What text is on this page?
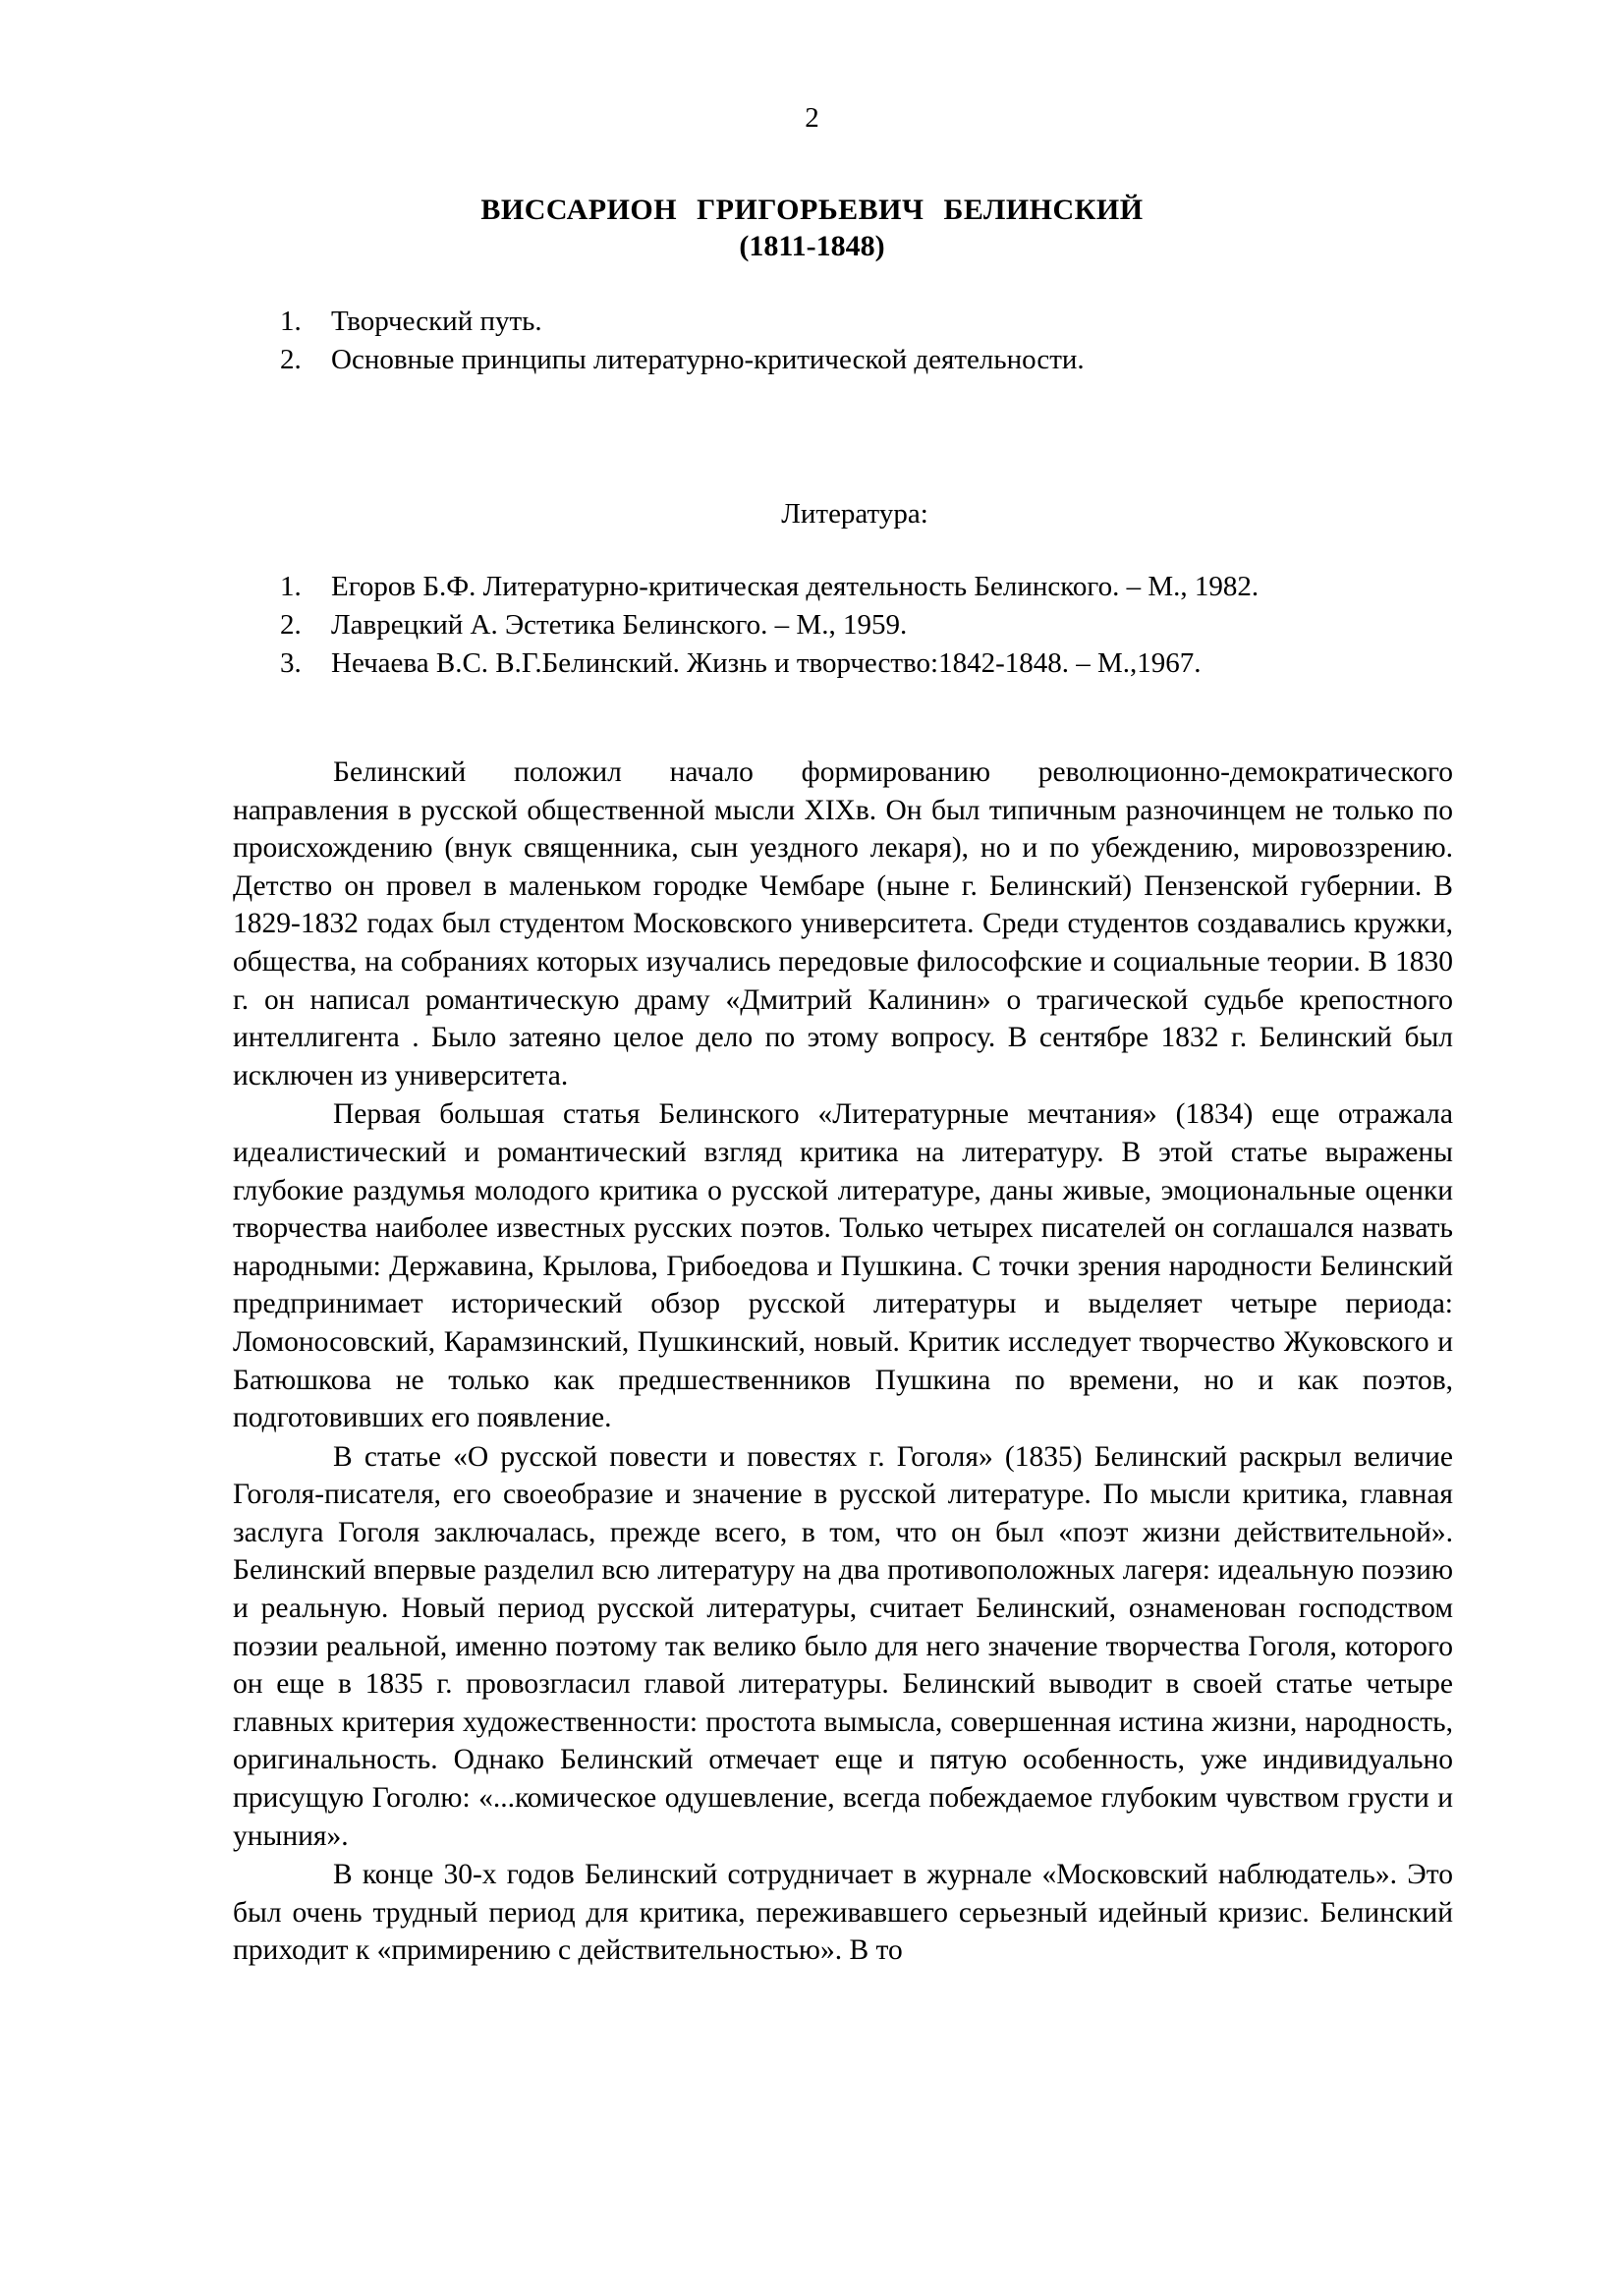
2
ВИССАРИОН ГРИГОРЬЕВИЧ БЕЛИНСКИЙ
(1811-1848)
1.	Творческий путь.
2.	Основные принципы литературно-критической деятельности.
Литература:
1.	Егоров Б.Ф. Литературно-критическая деятельность Белинского. – М., 1982.
2.	Лаврецкий А. Эстетика Белинского. – М., 1959.
3.	Нечаева В.С. В.Г.Белинский. Жизнь и творчество:1842-1848. – М.,1967.

Белинский положил начало формированию революционно-демократического направления в русской общественной мысли XIXв. Он был типичным разночинцем не только по происхождению (внук священника, сын уездного лекаря), но и по убеждению, мировоззрению. Детство он провел в маленьком городке Чембаре (ныне г. Белинский) Пензенской губернии. В 1829-1832 годах был студентом Московского университета. Среди студентов создавались кружки, общества, на собраниях которых изучались передовые философские и социальные теории. В 1830 г. он написал романтическую драму «Дмитрий Калинин» о трагической судьбе крепостного интеллигента . Было затеяно целое дело по этому вопросу. В сентябре 1832 г. Белинский был исключен из университета.

Первая большая статья Белинского «Литературные мечтания» (1834) еще отражала идеалистический и романтический взгляд критика на литературу. В этой статье выражены глубокие раздумья молодого критика о русской литературе, даны живые, эмоциональные оценки творчества наиболее известных русских поэтов. Только четырех писателей он соглашался назвать народными: Державина, Крылова, Грибоедова и Пушкина. С точки зрения народности Белинский предпринимает исторический обзор русской литературы и выделяет четыре периода: Ломоносовский, Карамзинский, Пушкинский, новый. Критик исследует творчество Жуковского и Батюшкова не только как предшественников Пушкина по времени, но и как поэтов, подготовивших его появление.

В статье «О русской повести и повестях г. Гоголя» (1835) Белинский раскрыл величие Гоголя-писателя, его своеобразие и значение в русской литературе. По мысли критика, главная заслуга Гоголя заключалась, прежде всего, в том, что он был «поэт жизни действительной». Белинский впервые разделил всю литературу на два противоположных лагеря: идеальную поэзию и реальную. Новый период русской литературы, считает Белинский, ознаменован господством поэзии реальной, именно поэтому так велико было для него значение творчества Гоголя, которого он еще в 1835 г. провозгласил главой литературы. Белинский выводит в своей статье четыре главных критерия художественности: простота вымысла, совершенная истина жизни, народность, оригинальность. Однако Белинский отмечает еще и пятую особенность, уже индивидуально присущую Гоголю: «...комическое одушевление, всегда побеждаемое глубоким чувством грусти и уныния».

В конце 30-х годов Белинский сотрудничает в журнале «Московский наблюдатель». Это был очень трудный период для критика, переживавшего серьезный идейный кризис. Белинский приходит к «примирению с действительностью». В то
